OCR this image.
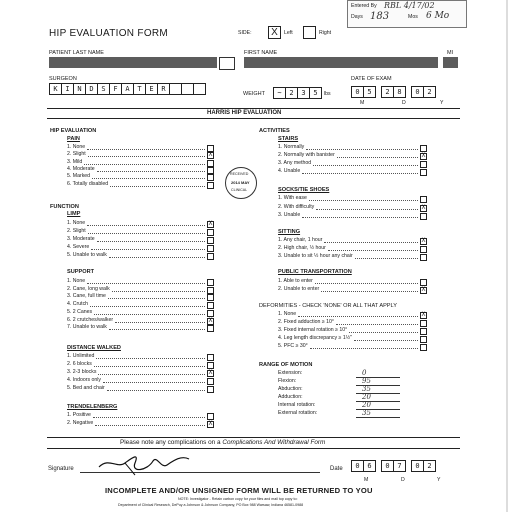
Entered By RBL 4/17/02
Days 183	Mos 6 Mo
HIP EVALUATION FORM	SIDE:	X	Left	Right
PATIENT LAST NAME	FIRST NAME	MI
SURGEON
K	I	N	D	S	F	A	T	E	R
WEIGHT	~	2	3	5	lbs
DATE OF EXAM
0	5	2	8	0	2
M	D	Y
HARRIS HIP EVALUATION
HIP EVALUATION
PAIN
1. None
2. Slight	X
3. Mild
4. Moderate
5. Marked
6. Totally disabled
FUNCTION
LIMP
1. None	X
2. Slight
3. Moderate
4. Severe
5. Unable to walk
SUPPORT
1. None
2. Cane, long walk
3. Cane, full time
4. Crutch
5. 2 Canes
6. 2 crutches/walker	X
7. Unable to walk
DISTANCE WALKED
1. Unlimited
2. 6 blocks
3. 2-3 blocks	X
4. Indoors only
5. Bed and chair
TRENDELENBERG
1. Positive
2. Negative	X
RECEIVED
2014 MAY
CLINICAL
ACTIVITIES
STAIRS
1. Normally
2. Normally with banister	X
3. Any method
4. Unable
SOCKS/TIE SHOES
1. With ease
2. With difficulty	X
3. Unable
SITTING
1. Any chair, 1 hour	X
2. High chair, ½ hour
3. Unable to sit ½ hour any chair
PUBLIC TRANSPORTATION
1. Able to enter
2. Unable to enter	X
DEFORMITIES - CHECK 'NONE' OR ALL THAT APPLY
1. None	X
2. Fixed adduction ≥ 10°
3. Fixed internal rotation ≥ 10°
4. Leg length discrepancy ≥ 1½"
5. PFC ≥ 30°
RANGE OF MOTION
Extension:	0
Flexion:	95
Abduction:	35
Adduction:	20
Internal rotation:	20
External rotation:	35
Please note any complications on a Complications And Withdrawal Form
Signature	Date	0	6	0	7	0	2
M	D	Y
INCOMPLETE AND/OR UNSIGNED FORM WILL BE RETURNED TO YOU
NOTE: Investigator - Retain carbon copy for your files and mail top copy to:
Department of Clinical Research, DePuy a Johnson & Johnson Company, PO Box 988 Warsaw, Indiana 46581-0988
